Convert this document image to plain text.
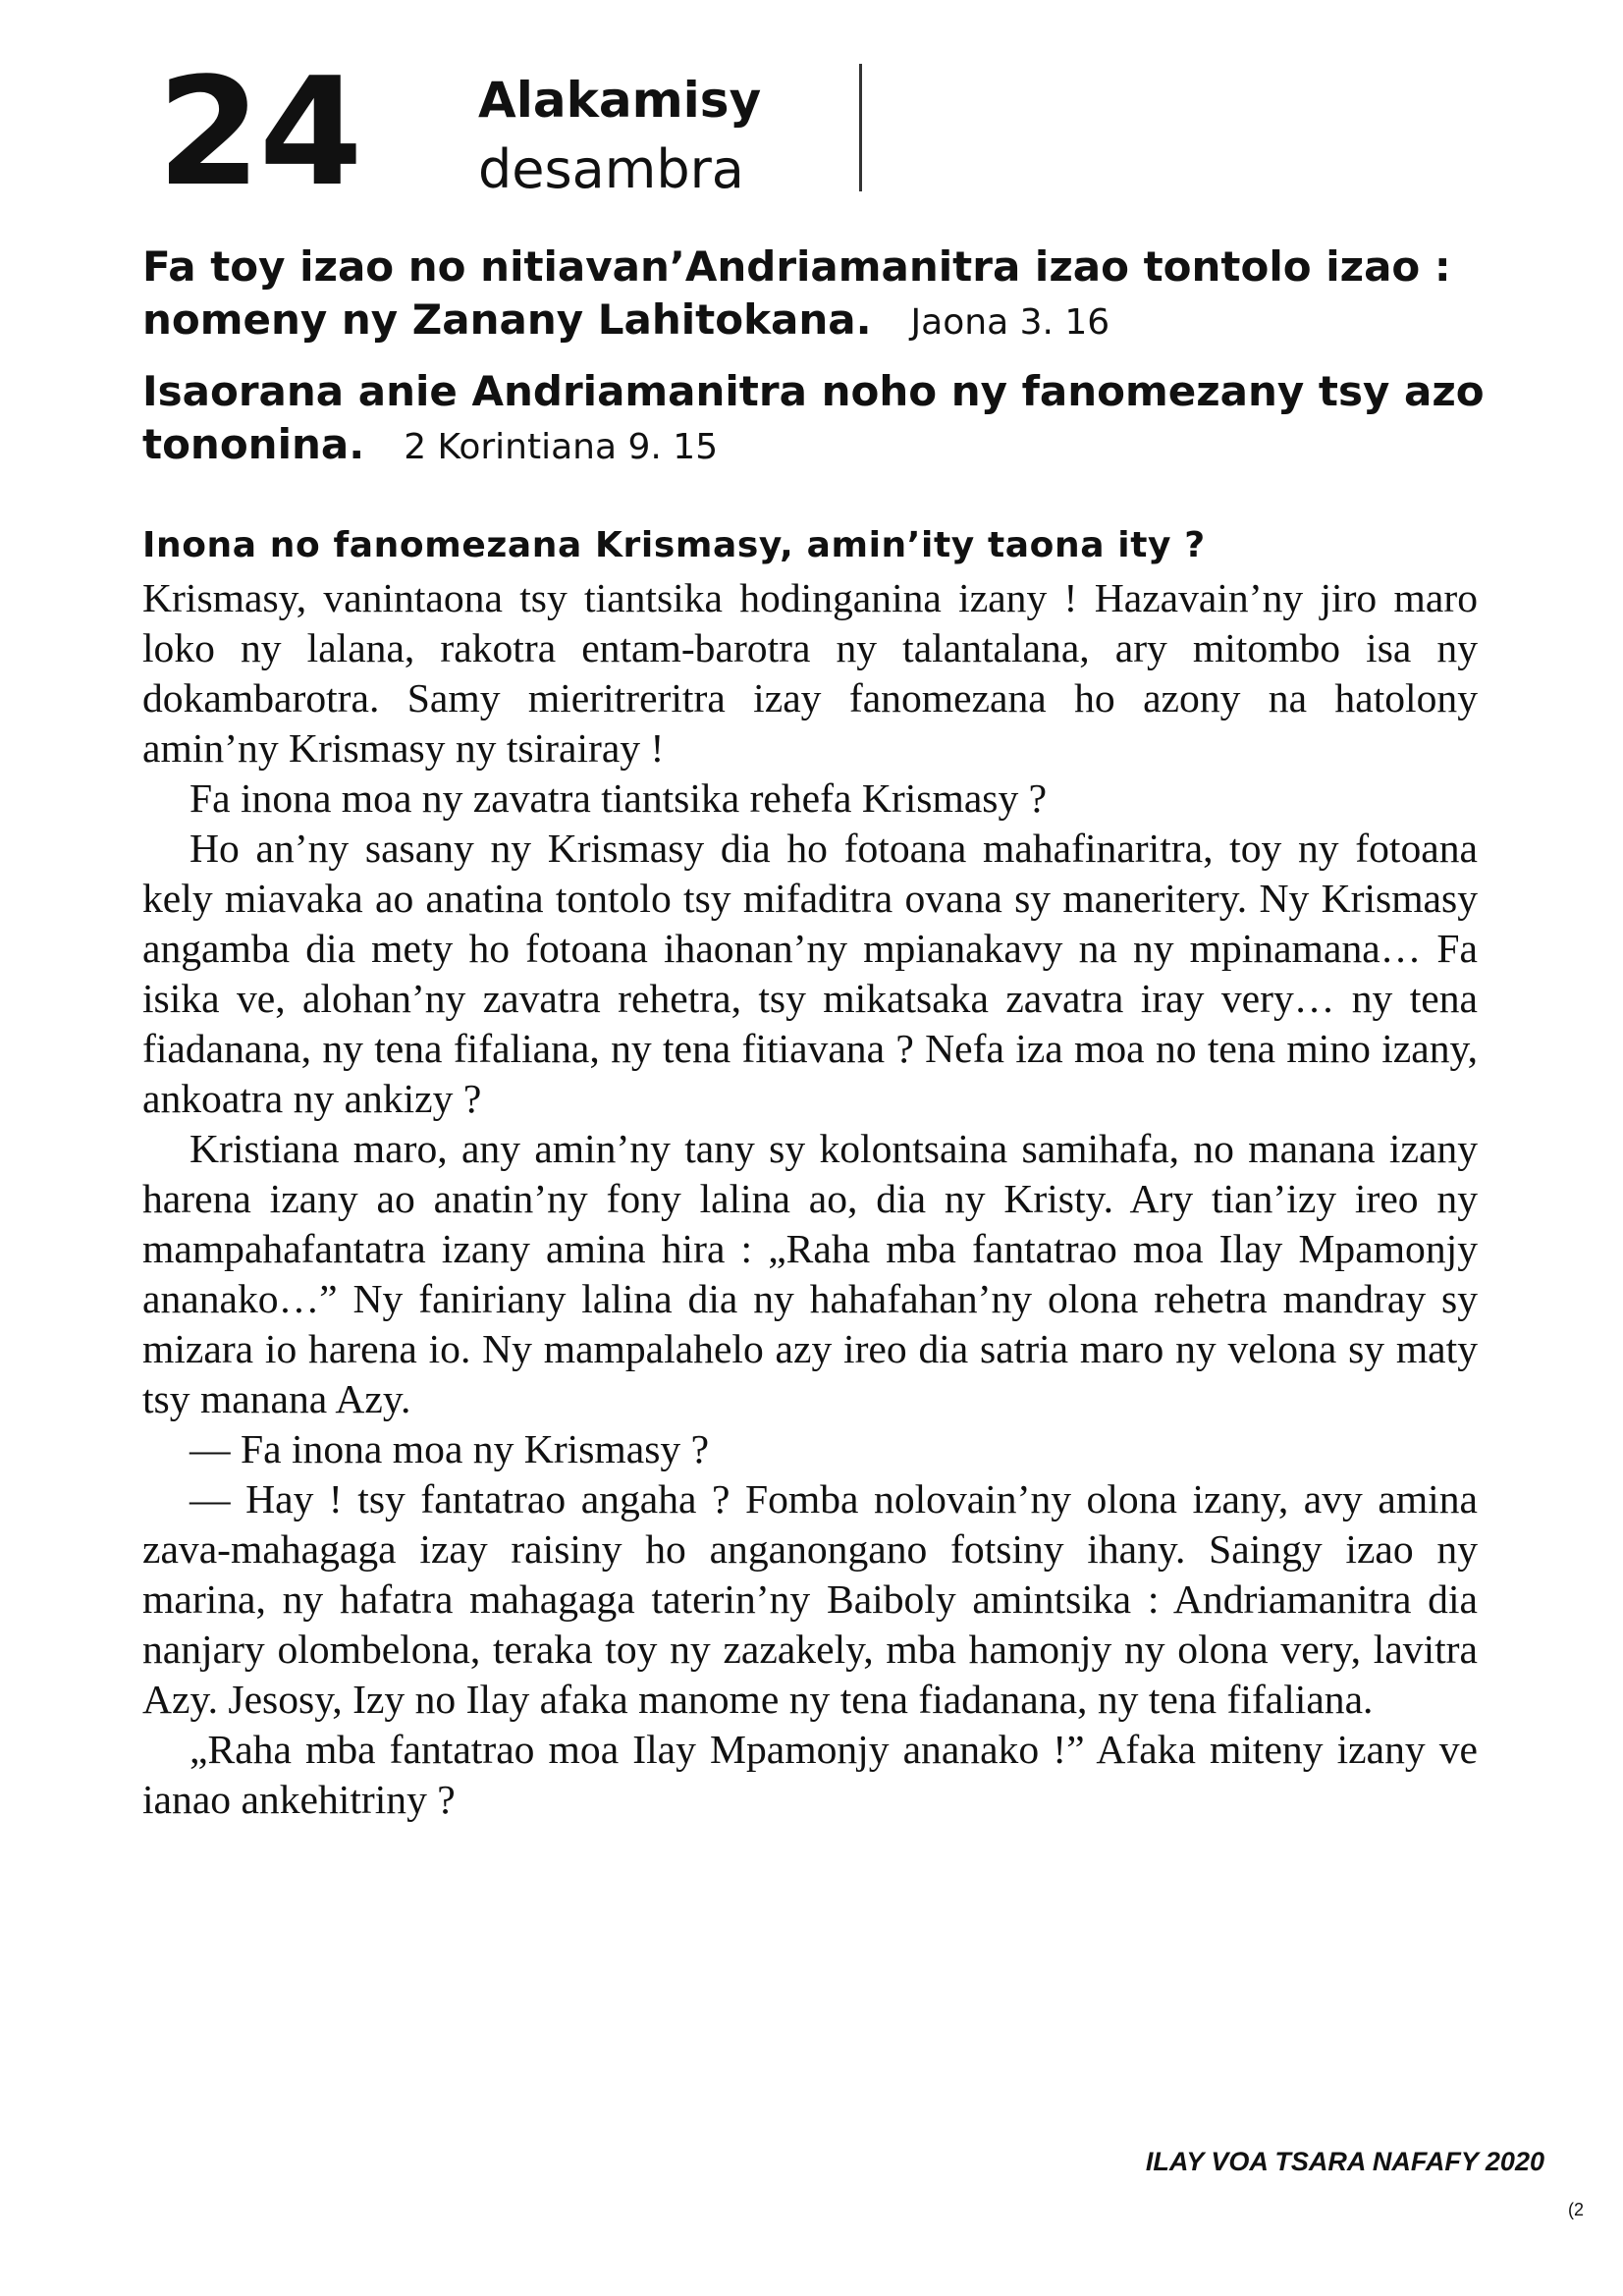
24 Alakamisy
desambra

Fa toy izao no nitiavan’Andriamanitra izao tontolo izao : nomeny ny Zanany Lahitokana. Jaona 3. 16

Isaorana anie Andriamanitra noho ny fanomezany tsy azo tononina. 2 Korintiana 9. 15

Inona no fanomezana Krismasy, amin’ity taona ity ?

Krismasy, vanintaona tsy tiantsika hodinganina izany ! Hazavain’ny jiro maro loko ny lalana, rakotra entam-barotra ny talantalana, ary mitombo isa ny dokambarotra. Samy mieritreritra izay fanomezana ho azony na hatolony amin’ny Krismasy ny tsirairay !

Fa inona moa ny zavatra tiantsika rehefa Krismasy ?

Ho an’ny sasany ny Krismasy dia ho fotoana mahafinaritra, toy ny fotoana kely miavaka ao anatina tontolo tsy mifaditra ovana sy maneritery. Ny Krismasy angamba dia mety ho fotoana ihaonan’ny mpianakavy na ny mpinamana… Fa isika ve, alohan’ny zavatra rehetra, tsy mikatsaka zavatra iray very… ny tena fiadanana, ny tena fifaliana, ny tena fitiavana ? Nefa iza moa no tena mino izany, ankoatra ny ankizy ?

Kristiana maro, any amin’ny tany sy kolontsaina samihafa, no manana izany harena izany ao anatin’ny fony lalina ao, dia ny Kristy. Ary tian’izy ireo ny mampahafantatra izany amina hira : „Raha mba fantatrao moa Ilay Mpamonjy ananako…” Ny faniriany lalina dia ny hahafahan’ny olona rehetra mandray sy mizara io harena io. Ny mampalahelo azy ireo dia satria maro ny velona sy maty tsy manana Azy.

— Fa inona moa ny Krismasy ?

— Hay ! tsy fantatrao angaha ? Fomba nolovain’ny olona izany, avy amina zava-mahagaga izay raisiny ho anganongano fotsiny ihany. Saingy izao ny marina, ny hafatra mahagaga taterin’ny Baiboly amintsika : Andriamanitra dia nanjary olombelona, teraka toy ny zazakely, mba hamonjy ny olona very, lavitra Azy. Jesosy, Izy no Ilay afaka manome ny tena fiadanana, ny tena fifaliana.

„Raha mba fantatrao moa Ilay Mpamonjy ananako !” Afaka miteny izany ve ianao ankehitriny ?

ILAY VOA TSARA NAFAFY 2020
(2
